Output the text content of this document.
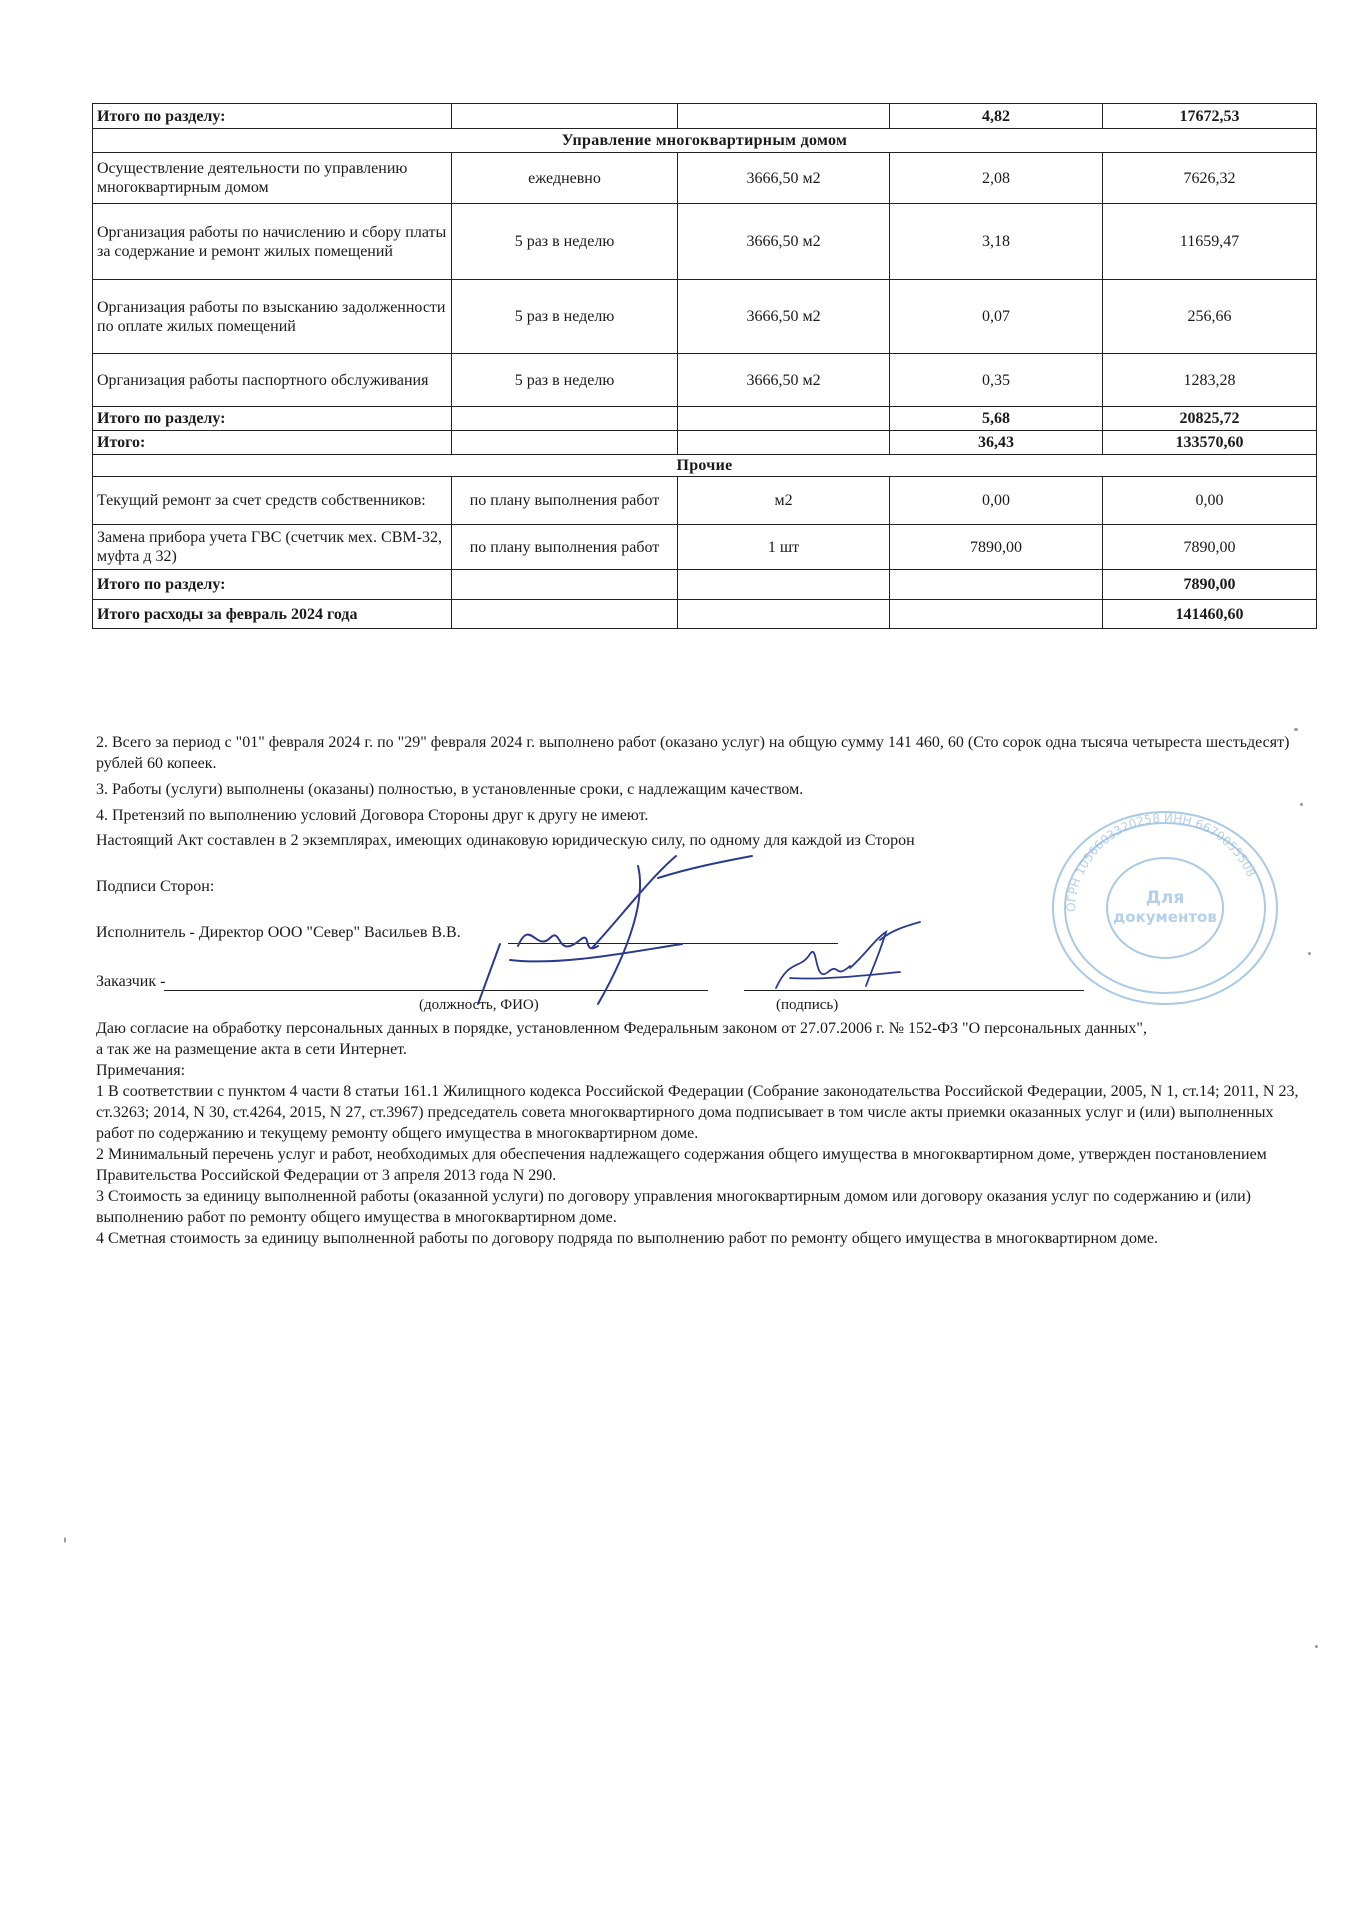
Итого по разделу:			4,82	17672,53
Управление многоквартирным домом				
Осуществление деятельности по управлению многоквартирным домом	ежедневно	3666,50 м2	2,08	7626,32
Организация работы по начислению и сбору платы за содержание и ремонт жилых помещений	5 раз в неделю	3666,50 м2	3,18	11659,47
Организация работы по взысканию задолженности по оплате жилых помещений	5 раз в неделю	3666,50 м2	0,07	256,66
Организация работы паспортного обслуживания	5 раз в неделю	3666,50 м2	0,35	1283,28
Итого по разделу:			5,68	20825,72
Итого:			36,43	133570,60
Прочие				
Текущий ремонт за счет средств собственников:	по плану выполнения работ	м2	0,00	0,00
Замена прибора учета ГВС (счетчик мех. СВМ-32, муфта д 32)	по плану выполнения работ	1 шт	7890,00	7890,00
Итого по разделу:				7890,00
Итого расходы за февраль 2024 года				141460,60

2. Всего за период с "01" февраля 2024 г. по "29" февраля 2024 г. выполнено работ (оказано услуг) на общую сумму 141 460, 60 (Сто сорок одна тысяча четыреста шестьдесят) рублей 60 копеек.

3. Работы (услуги) выполнены (оказаны) полностью, в установленные сроки, с надлежащим качеством.

4. Претензий по выполнению условий Договора Стороны друг к другу не имеют.

Настоящий Акт составлен в 2 экземплярах, имеющих одинаковую юридическую силу, по одному для каждой из Сторон

Подписи Сторон:
Исполнитель - Директор ООО "Север" Васильев В.В.
Заказчик -
(должность, ФИО)	(подпись)

Даю согласие на обработку персональных данных в порядке, установленном Федеральным законом от 27.07.2006 г. № 152-ФЗ "О персональных данных",

а так же на размещение акта в сети Интернет.

Примечания:

1 В соответствии с пунктом 4 части 8 статьи 161.1 Жилищного кодекса Российской Федерации (Собрание законодательства Российской Федерации, 2005, N 1, ст.14; 2011, N 23, ст.3263; 2014, N 30, ст.4264, 2015, N 27, ст.3967) председатель совета многоквартирного дома подписывает в том числе акты приемки оказанных услуг и (или) выполненных работ по содержанию и текущему ремонту общего имущества в многоквартирном доме.

2 Минимальный перечень услуг и работ, необходимых для обеспечения надлежащего содержания общего имущества в многоквартирном доме, утвержден постановлением Правительства Российской Федерации от 3 апреля 2013 года N 290.

3 Стоимость за единицу выполненной работы (оказанной услуги) по договору управления многоквартирным домом или договору оказания услуг по содержанию и (или) выполнению работ по ремонту общего имущества в многоквартирном доме.

4 Сметная стоимость за единицу выполненной работы по договору подряда по выполнению работ по ремонту общего имущества в многоквартирном доме.

ОГРН 1056603320258 ИНН 6670055508
Для
документов
